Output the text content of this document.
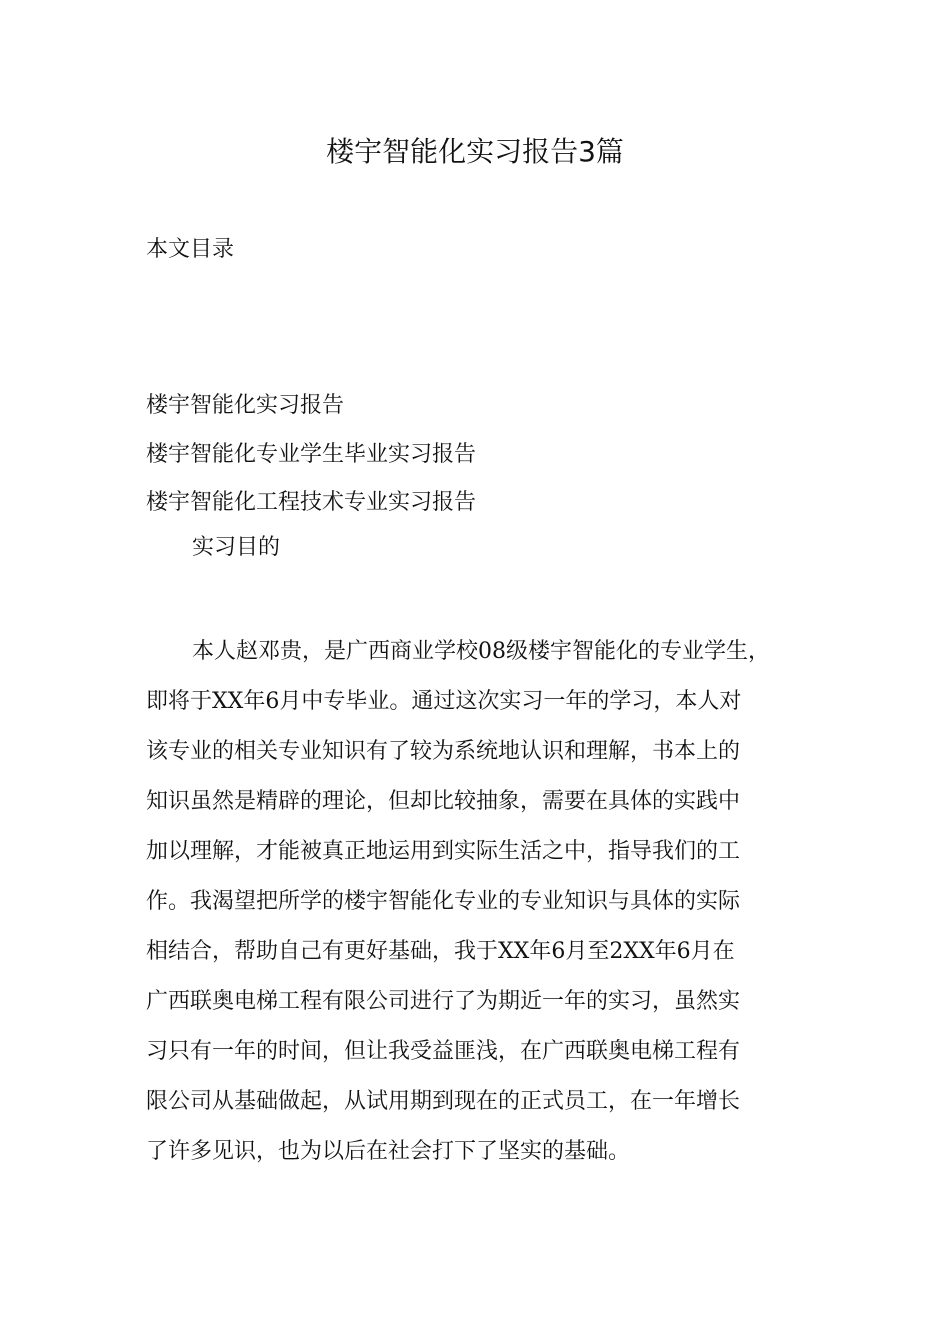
楼宇智能化实习报告3篇

本文目录

楼宇智能化实习报告
楼宇智能化专业学生毕业实习报告
楼宇智能化工程技术专业实习报告
实习目的
本人赵邓贵，是广西商业学校08级楼宇智能化的专业学生，
即将于XX年6月中专毕业。通过这次实习一年的学习，本人对
该专业的相关专业知识有了较为系统地认识和理解，书本上的
知识虽然是精辟的理论，但却比较抽象，需要在具体的实践中
加以理解，才能被真正地运用到实际生活之中，指导我们的工
作。我渴望把所学的楼宇智能化专业的专业知识与具体的实际
相结合，帮助自己有更好基础，我于XX年6月至2XX年6月在
广西联奥电梯工程有限公司进行了为期近一年的实习，虽然实
习只有一年的时间，但让我受益匪浅，在广西联奥电梯工程有
限公司从基础做起，从试用期到现在的正式员工，在一年增长
了许多见识，也为以后在社会打下了坚实的基础。
